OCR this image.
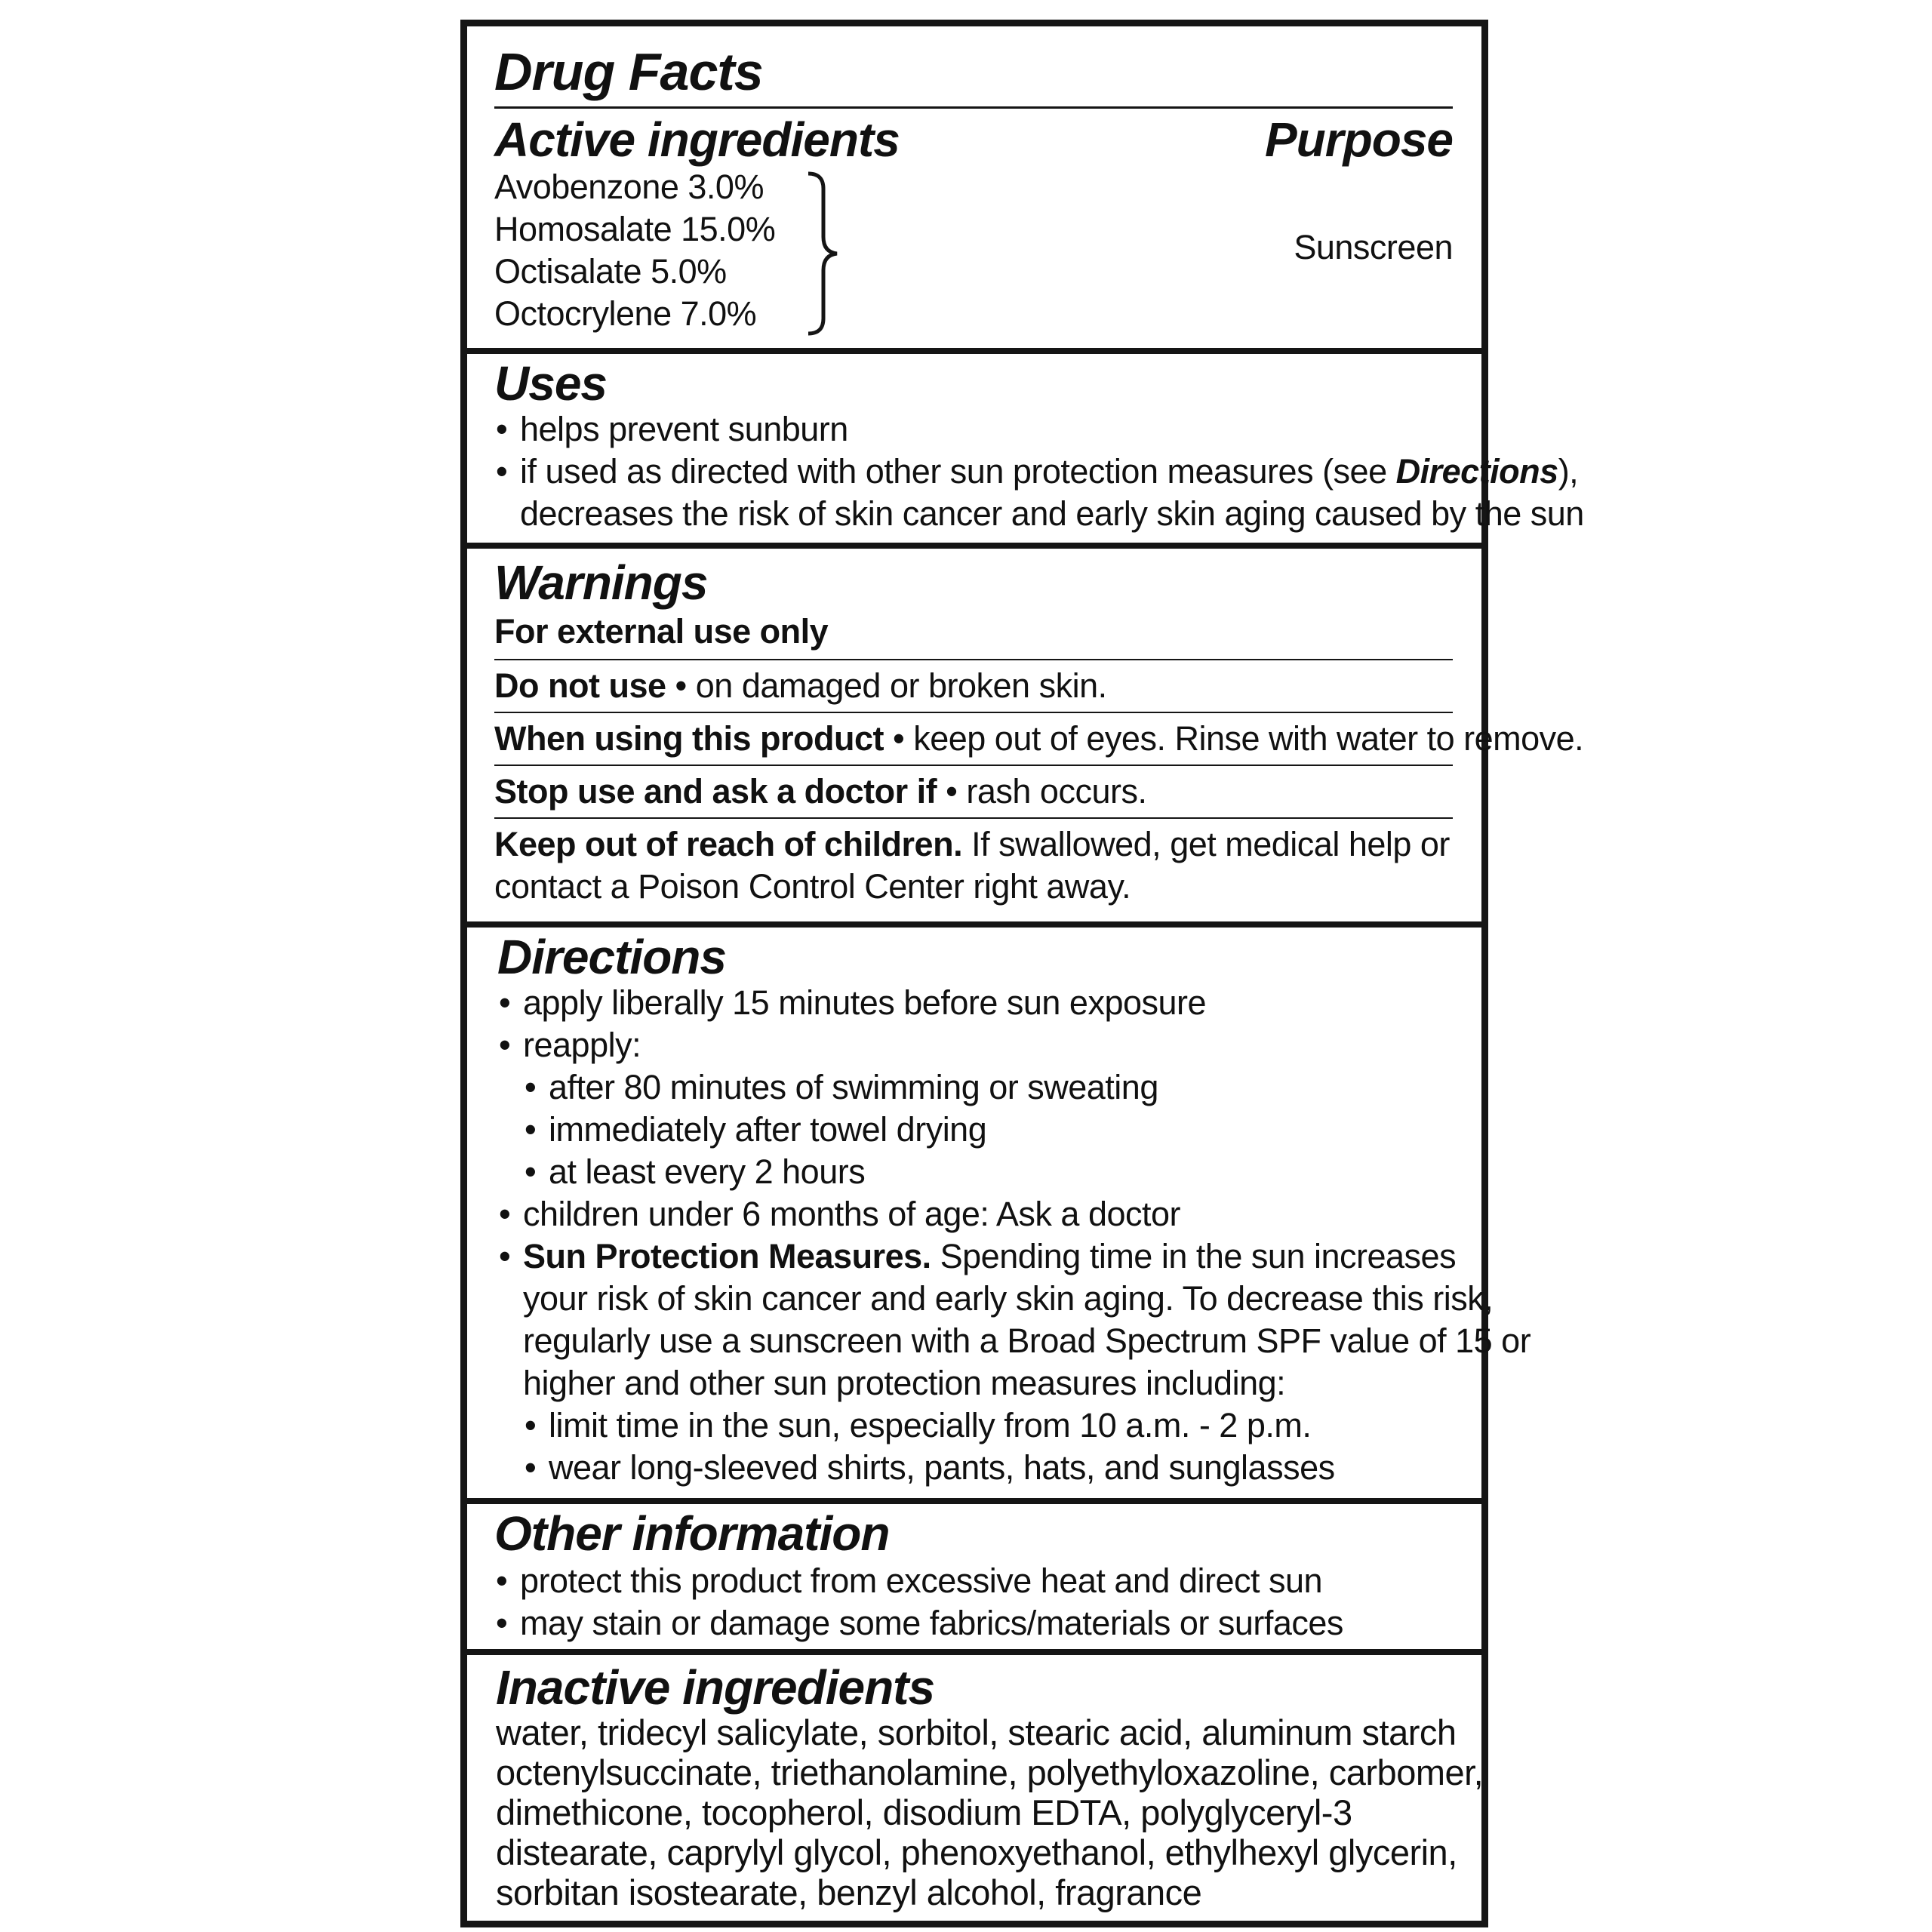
Drug Facts
Active ingredients	Purpose
Avobenzone 3.0%
Homosalate 15.0%
Octisalate 5.0%
Octocrylene 7.0%
Sunscreen
Uses
• helps prevent sunburn
• if used as directed with other sun protection measures (see Directions),
decreases the risk of skin cancer and early skin aging caused by the sun
Warnings
For external use only
Do not use • on damaged or broken skin.
When using this product • keep out of eyes. Rinse with water to remove.
Stop use and ask a doctor if • rash occurs.
Keep out of reach of children. If swallowed, get medical help or
contact a Poison Control Center right away.
Directions
• apply liberally 15 minutes before sun exposure
• reapply:
• after 80 minutes of swimming or sweating
• immediately after towel drying
• at least every 2 hours
• children under 6 months of age: Ask a doctor
• Sun Protection Measures. Spending time in the sun increases
your risk of skin cancer and early skin aging. To decrease this risk,
regularly use a sunscreen with a Broad Spectrum SPF value of 15 or
higher and other sun protection measures including:
• limit time in the sun, especially from 10 a.m. - 2 p.m.
• wear long-sleeved shirts, pants, hats, and sunglasses
Other information
• protect this product from excessive heat and direct sun
• may stain or damage some fabrics/materials or surfaces
Inactive ingredients
water, tridecyl salicylate, sorbitol, stearic acid, aluminum starch
octenylsuccinate, triethanolamine, polyethyloxazoline, carbomer,
dimethicone, tocopherol, disodium EDTA, polyglyceryl-3
distearate, caprylyl glycol, phenoxyethanol, ethylhexyl glycerin,
sorbitan isostearate, benzyl alcohol, fragrance
